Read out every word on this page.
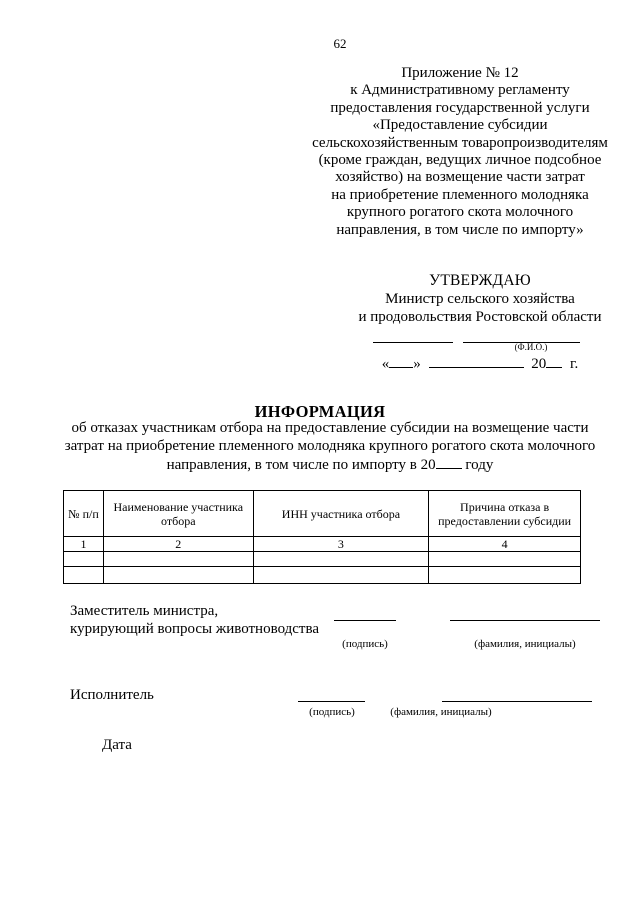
62
Приложение № 12
к Административному регламенту
предоставления государственной услуги
«Предоставление субсидии
сельскохозяйственным товаропроизводителям
(кроме граждан, ведущих личное подсобное
хозяйство) на возмещение части затрат
на приобретение племенного молодняка
крупного рогатого скота молочного
направления, в том числе по импорту»
УТВЕРЖДАЮ
Министр сельского хозяйства
и продовольствия Ростовской области
(Ф.И.О.)
« »	20 г.
ИНФОРМАЦИЯ
об отказах участникам отбора на предоставление субсидии на возмещение части
затрат на приобретение племенного молодняка крупного рогатого скота молочного
направления, в том числе по импорту в 20 году
№ п/п	Наименование участника отбора	ИНН участника отбора	Причина отказа в предоставлении субсидии
1	2	3	4

Заместитель министра,
курирующий вопросы животноводства
(подпись)	(фамилия, инициалы)
Исполнитель
(подпись)	(фамилия, инициалы)
Дата
